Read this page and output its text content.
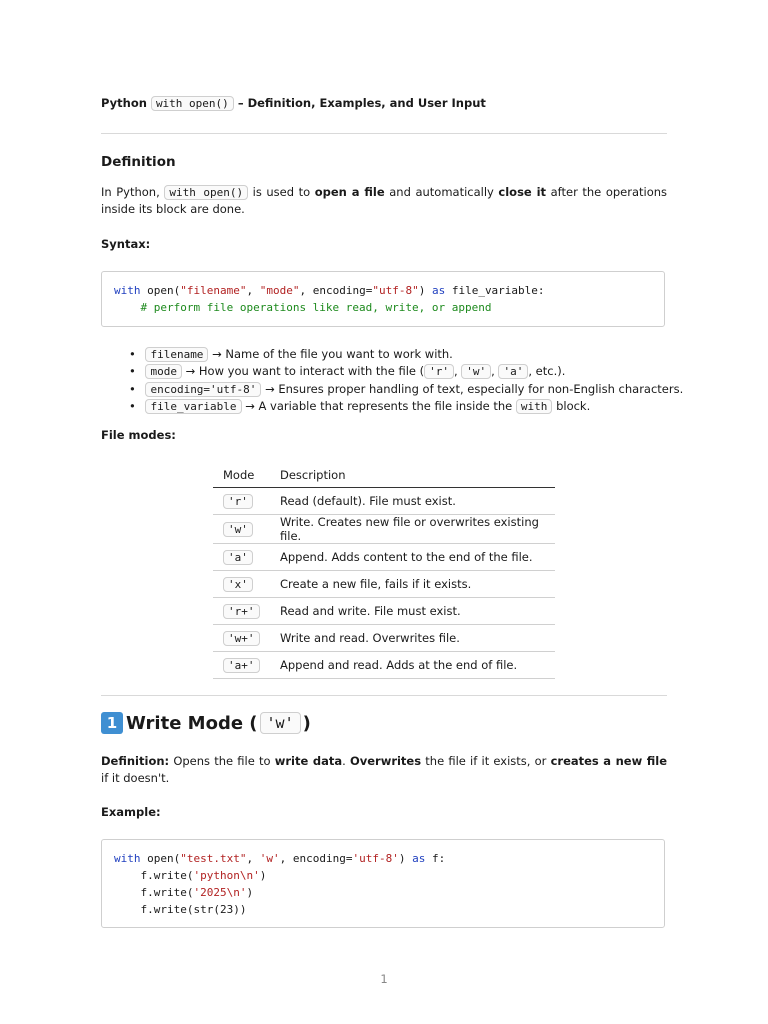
Python with open() – Definition, Examples, and User Input
Definition
In Python, with open() is used to open a file and automatically close it after the operations inside its block are done.
Syntax:
with open("filename", "mode", encoding="utf-8") as file_variable:
# perform file operations like read, write, or append
• filename → Name of the file you want to work with.
• mode → How you want to interact with the file ( 'r' , 'w' , 'a' , etc.).
• encoding='utf-8' → Ensures proper handling of text, especially for non-English characters.
• file_variable → A variable that represents the file inside the with block.
File modes:
Mode	Description
'r'	Read (default). File must exist.
'w'	Write. Creates new file or overwrites existing file.
'a'	Append. Adds content to the end of the file.
'x'	Create a new file, fails if it exists.
'r+'	Read and write. File must exist.
'w+'	Write and read. Overwrites file.
'a+'	Append and read. Adds at the end of file.
1 Write Mode ( 'w' )
Definition: Opens the file to write data. Overwrites the file if it exists, or creates a new file if it doesn't.
Example:
with open("test.txt", 'w', encoding='utf-8') as f:
f.write('python\n')
f.write('2025\n')
f.write(str(23))
1
